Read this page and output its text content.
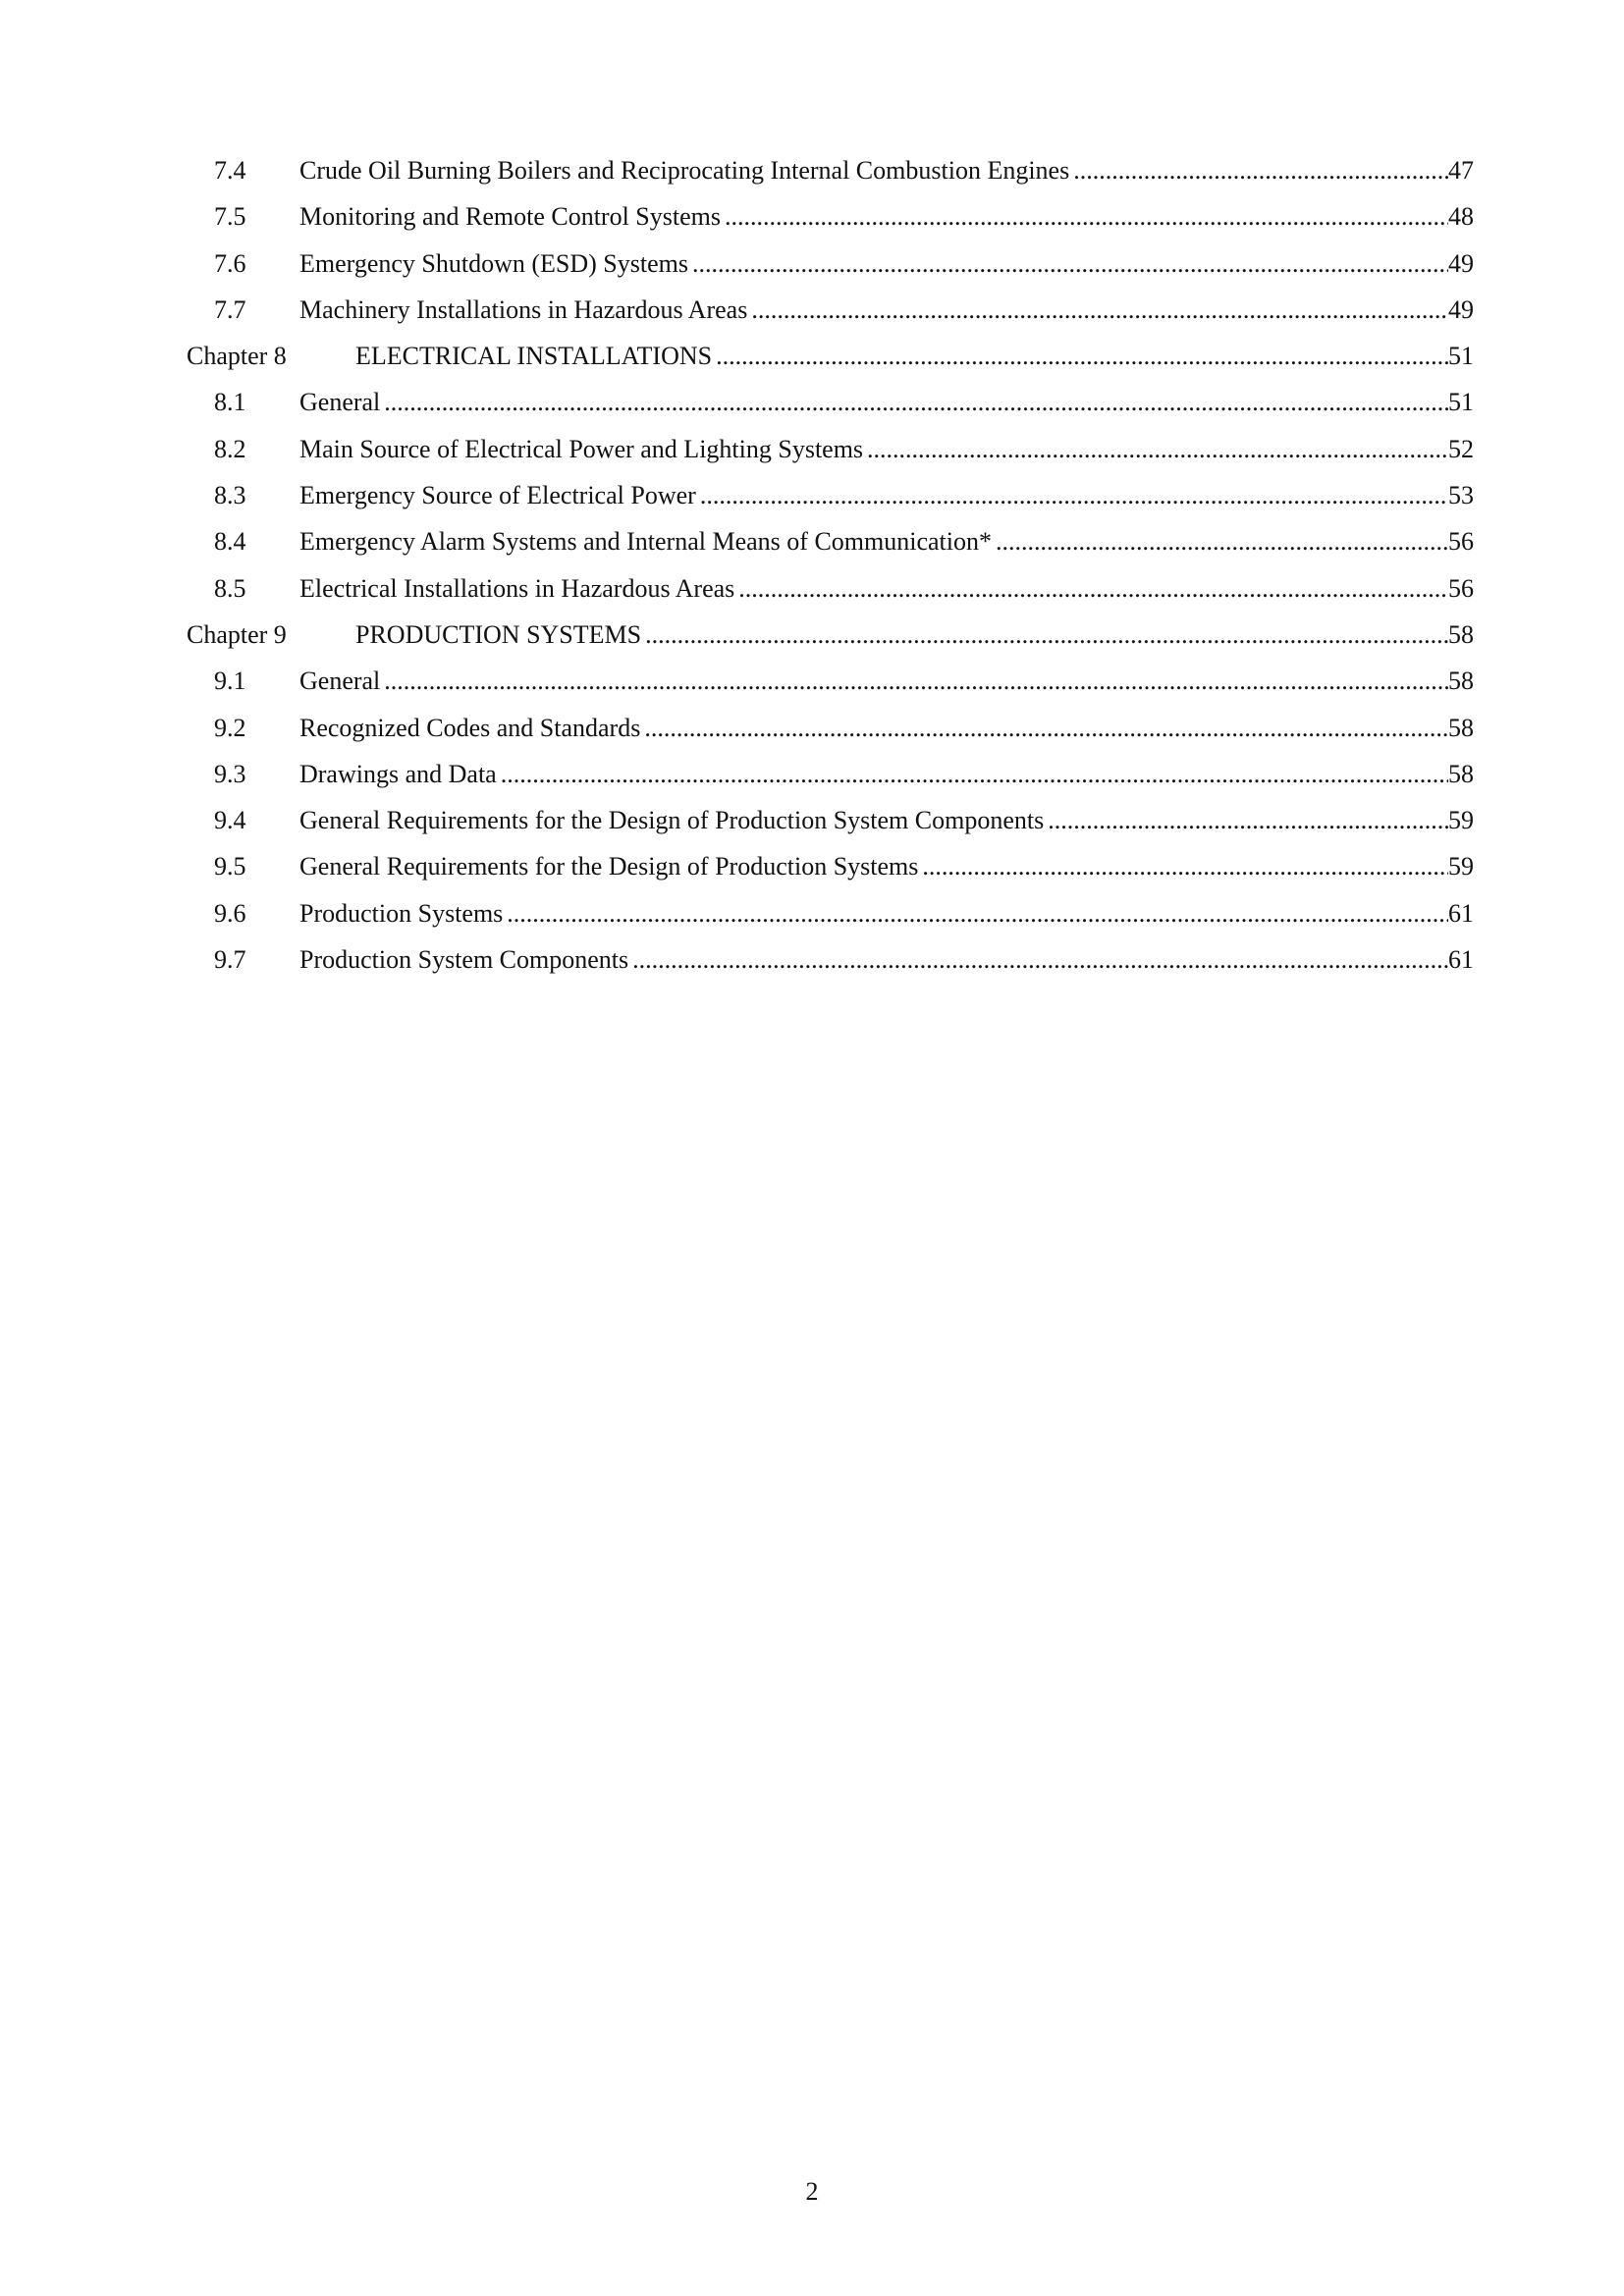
7.4 Crude Oil Burning Boilers and Reciprocating Internal Combustion Engines .....	47
7.5 Monitoring and Remote Control Systems .....	48
7.6 Emergency Shutdown (ESD) Systems .....	49
7.7 Machinery Installations in Hazardous Areas .....	49
Chapter 8	ELECTRICAL INSTALLATIONS .....	51
8.1 General .....	51
8.2 Main Source of Electrical Power and Lighting Systems .....	52
8.3 Emergency Source of Electrical Power .....	53
8.4 Emergency Alarm Systems and Internal Means of Communication* .....	56
8.5 Electrical Installations in Hazardous Areas .....	56
Chapter 9	PRODUCTION SYSTEMS .....	58
9.1 General .....	58
9.2 Recognized Codes and Standards .....	58
9.3 Drawings and Data .....	58
9.4 General Requirements for the Design of Production System Components .....	59
9.5 General Requirements for the Design of Production Systems .....	59
9.6 Production Systems .....	61
9.7 Production System Components .....	61
2
